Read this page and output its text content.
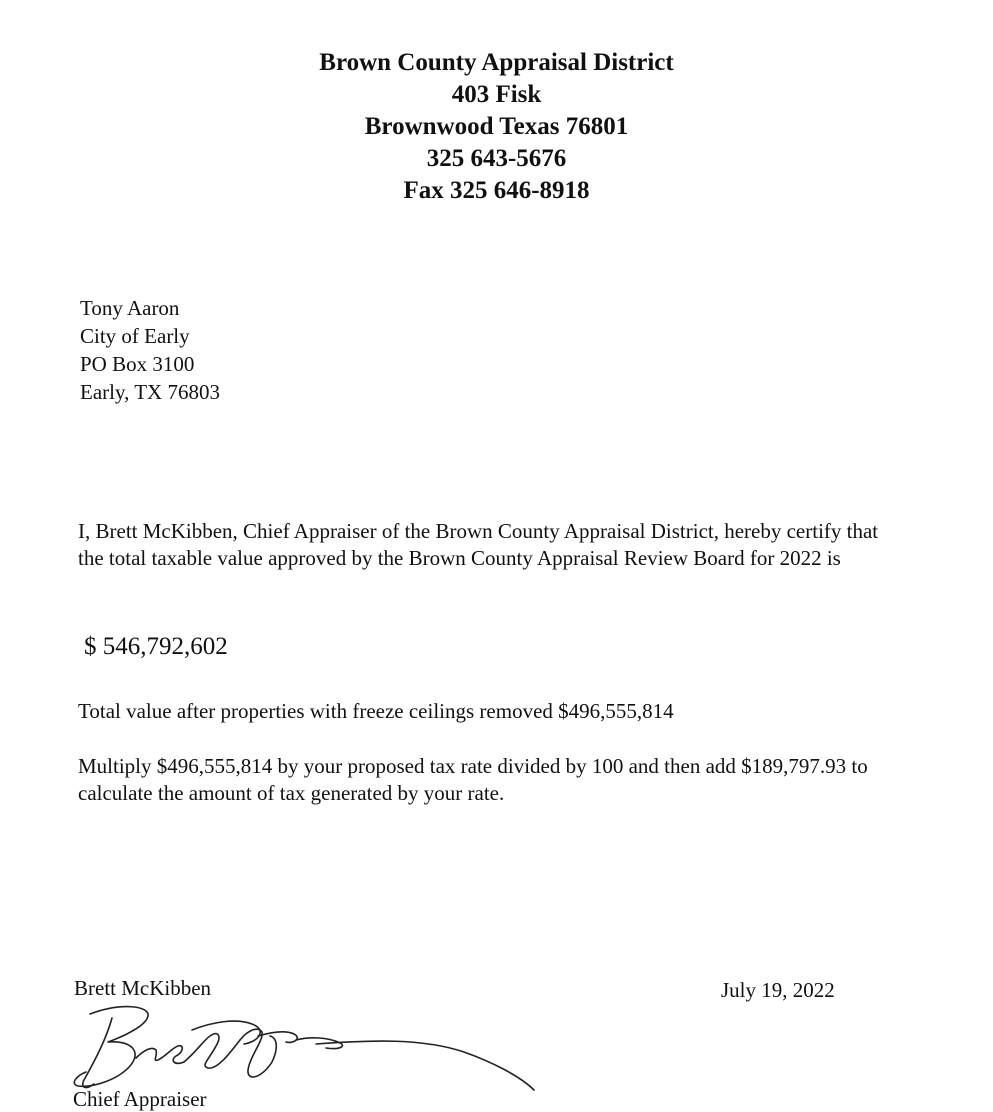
Brown County Appraisal District
403 Fisk
Brownwood Texas 76801
325 643-5676
Fax 325 646-8918
Tony Aaron
City of Early
PO Box 3100
Early, TX 76803
I, Brett McKibben, Chief Appraiser of the Brown County Appraisal District, hereby certify that the total taxable value approved by the Brown County Appraisal Review Board for 2022 is
$ 546,792,602
Total value after properties with freeze ceilings removed $496,555,814
Multiply $496,555,814 by your proposed tax rate divided by 100 and then add $189,797.93 to calculate the amount of tax generated by your rate.
Brett McKibben	July 19, 2022
Chief Appraiser
